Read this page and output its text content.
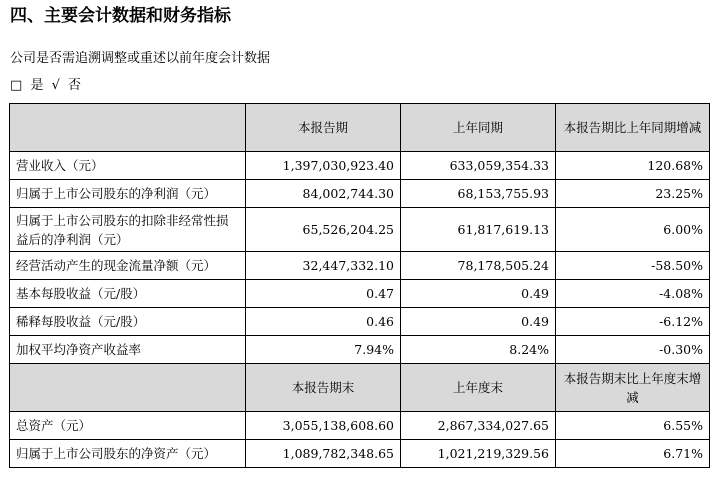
四、主要会计数据和财务指标
公司是否需追溯调整或重述以前年度会计数据
□ 是 √ 否
	本报告期	上年同期	本报告期比上年同期增减
营业收入（元）	1,397,030,923.40	633,059,354.33	120.68%
归属于上市公司股东的净利润（元）	84,002,744.30	68,153,755.93	23.25%
归属于上市公司股东的扣除非经常性损益后的净利润（元）	65,526,204.25	61,817,619.13	6.00%
经营活动产生的现金流量净额（元）	32,447,332.10	78,178,505.24	-58.50%
基本每股收益（元/股）	0.47	0.49	-4.08%
稀释每股收益（元/股）	0.46	0.49	-6.12%
加权平均净资产收益率	7.94%	8.24%	-0.30%
	本报告期末	上年度末	本报告期末比上年度末增减
总资产（元）	3,055,138,608.60	2,867,334,027.65	6.55%
归属于上市公司股东的净资产（元）	1,089,782,348.65	1,021,219,329.56	6.71%
